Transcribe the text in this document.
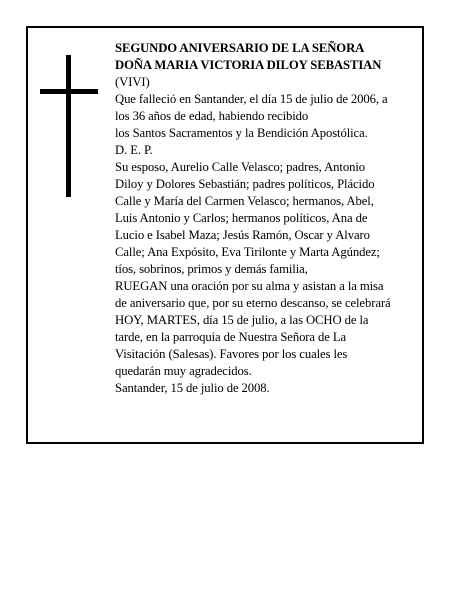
SEGUNDO ANIVERSARIO DE LA SEÑORA
DOÑA MARIA VICTORIA DILOY SEBASTIAN
(VIVI)
Que falleció en Santander, el día 15 de julio de 2006, a
los 36 años de edad, habiendo recibido
los Santos Sacramentos y la Bendición Apostólica.
D. E. P.
Su esposo, Aurelio Calle Velasco; padres, Antonio
Diloy y Dolores Sebastián; padres políticos, Plácido
Calle y María del Carmen Velasco; hermanos, Abel,
Luis Antonio y Carlos; hermanos políticos, Ana de
Lucio e Isabel Maza; Jesús Ramón, Oscar y Alvaro
Calle; Ana Expósito, Eva Tirilonte y Marta Agúndez;
tíos, sobrinos, primos y demás familia,
RUEGAN una oración por su alma y asistan a la misa
de aniversario que, por su eterno descanso, se celebrará
HOY, MARTES, día 15 de julio, a las OCHO de la
tarde, en la parroquia de Nuestra Señora de La
Visitación (Salesas). Favores por los cuales les
quedarán muy agradecidos.
Santander, 15 de julio de 2008.
